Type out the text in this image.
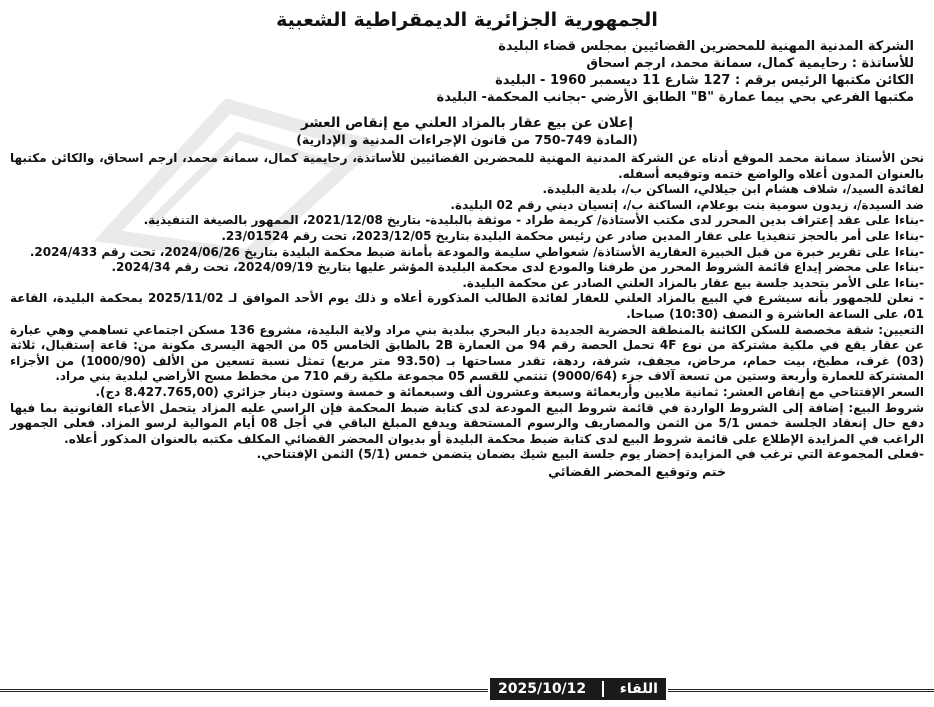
الجمهورية الجزائرية الديمقراطية الشعبية
الشركة المدنية المهنية للمحضرين القضائيين بمجلس قضاء البليدة
للأساتذة : رحايمية كمال، سمانة محمد، ارجم اسحاق
الكائن مكتبها الرئيس برقم : 127 شارع 11 ديسمبر 1960 - البليدة
مكتبها الفرعي بحي بيما عمارة "B" الطابق الأرضي -بجانب المحكمة- البليدة
إعلان عن بيع عقار بالمزاد العلني مع إنقاص العشر
(المادة 749-750 من قانون الإجراءات المدنية و الإدارية)

نحن الأستاذ سمانة محمد الموقع أدناه عن الشركة المدنية المهنية للمحضرين القضائيين للأساتذة، رحايمية كمال، سمانة محمد، ارجم اسحاق، والكائن مكتبها بالعنوان المدون أعلاه والواضع ختمه وتوقيعه أسفله.

لفائدة السيد/، شلاف هشام ابن جيلالي، الساكن ب/، بلدية البليدة.

ضد السيدة/، زيدون سومية بنت بوعلام، الساكنة ب/، إتسيان ديني رقم 02 البليدة.

-بناءا على عقد إعتراف بدين المحرر لدى مكتب الأستاذة/ كريمة طراد - موثقة بالبليدة- بتاريخ 2021/12/08، الممهور بالصيغة التنفيذية.

-بناءا على أمر بالحجز تنفيذيا على عقار المدين صادر عن رئيس محكمة البليدة بتاريخ 2023/12/05، تحت رقم 23/01524.

-بناءا على تقرير خبرة من قبل الخبيرة العقارية الأستاذة/ شعواطي سليمة والمودعة بأمانة ضبط محكمة البليدة بتاريخ 2024/06/26، تحت رقم 2024/433.

-بناءا على محضر إيداع قائمة الشروط المحرر من طرفنا والمودع لدى محكمة البليدة المؤشر عليها بتاريخ 2024/09/19، تحت رقم 2024/34.

-بناءا على الأمر بتحديد جلسة بيع عقار بالمزاد العلني الصادر عن محكمة البليدة.

- نعلن للجمهور بأنه سيشرع في البيع بالمزاد العلني للعقار لفائدة الطالب المذكورة أعلاه و ذلك يوم الأحد الموافق لـ 2025/11/02 بمحكمة البليدة، القاعة 01، على الساعة العاشرة و النصف (10:30) صباحا.

التعيين: شقة مخصصة للسكن الكائنة بالمنطقة الحضرية الجديدة ديار البحري ببلدية بني مراد ولاية البليدة، مشروع 136 مسكن اجتماعي تساهمي وهي عبارة عن عقار يقع في ملكية مشتركة من نوع 4F تحمل الحصة رقم 94 من العمارة 2B بالطابق الخامس 05 من الجهة اليسرى مكونة من: قاعة إستقبال، ثلاثة (03) غرف، مطبخ، بيت حمام، مرحاض، مجفف، شرفة، ردهة، تقدر مساحتها بـ (93.50 متر مربع) تمثل نسبة تسعين من الألف (1000/90) من الأجزاء المشتركة للعمارة وأربعة وستين من تسعة آلاف جزء (9000/64) تنتمي للقسم 05 مجموعة ملكية رقم 710 من مخطط مسح الأراضي لبلدية بني مراد.

السعر الإفتتاحي مع إنقاص العشر: ثمانية ملايين وأربعمائة وسبعة وعشرون ألف وسبعمائة و خمسة وستون دينار جزائري (8.427.765,00 دج).

شروط البيع: إضافة إلى الشروط الواردة في قائمة شروط البيع المودعة لدى كتابة ضبط المحكمة فإن الراسي عليه المزاد يتحمل الأعباء القانونية بما فيها دفع حال إنعقاد الجلسة خمس 5/1 من الثمن والمصاريف والرسوم المستحقة ويدفع المبلغ الباقي في أجل 08 أيام الموالية لرسو المزاد. فعلى الجمهور الراغب في المزايدة الإطلاع على قائمة شروط البيع لدى كتابة ضبط محكمة البليدة أو بديوان المحضر القضائي المكلف مكتبه بالعنوان المذكور أعلاه.

-فعلى المجموعة التي ترغب في المزايدة إحضار يوم جلسة البيع شيك بضمان يتضمن خمس (5/1) الثمن الإفتتاحي.

ختم وتوقيع المحضر القضائي
2025/10/12 اللقاء
